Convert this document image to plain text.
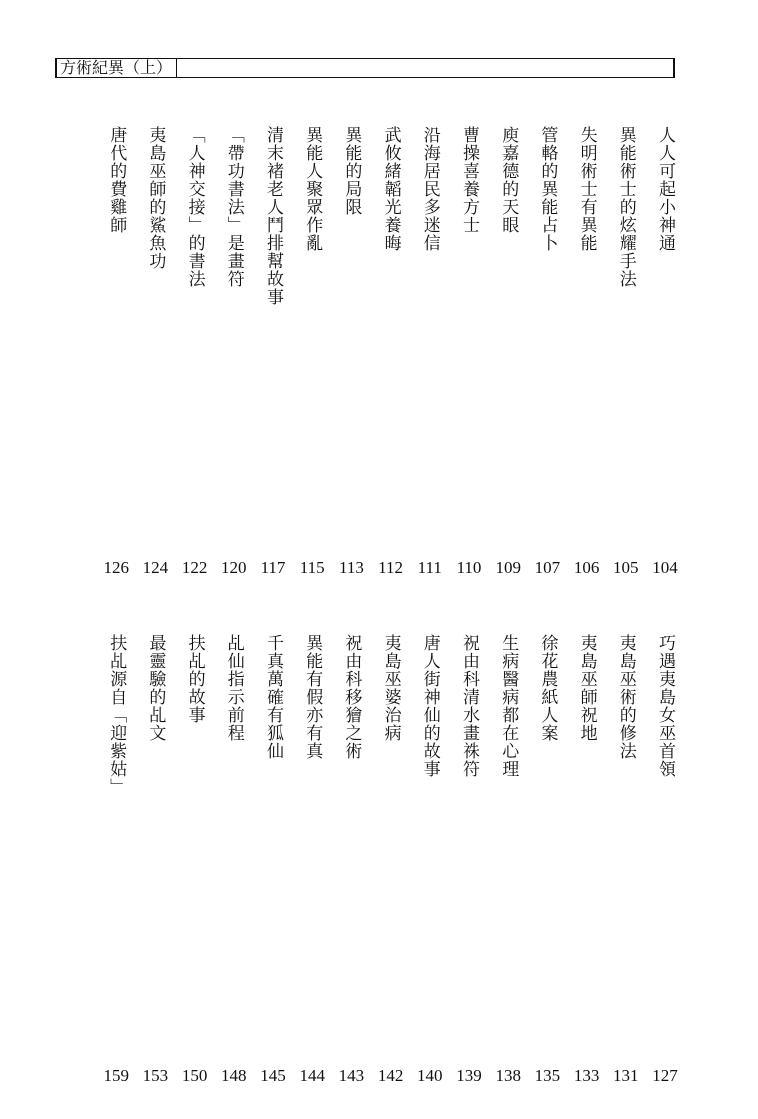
方術紀異（上）
人人可起小神通
104
異能術士的炫耀手法
105
失明術士有異能
106
管輅的異能占卜
107
庾嘉德的天眼
109
曹操喜養方士
110
沿海居民多迷信
111
武攸緒韜光養晦
112
異能的局限
113
異能人聚眾作亂
115
清末褚老人鬥排幫故事
117
「帶功書法」是畫符
120
「人神交接」的書法
122
夷島巫師的鯊魚功
124
唐代的費雞師
126
巧遇夷島女巫首領
127
夷島巫術的修法
131
夷島巫師祝地
133
徐花農紙人案
135
生病醫病都在心理
138
祝由科清水畫祩符
139
唐人街神仙的故事
140
夷島巫婆治病
142
祝由科移獪之術
143
異能有假亦有真
144
千真萬確有狐仙
145
乩仙指示前程
148
扶乩的故事
150
最靈驗的乩文
153
扶乩源自「迎紫姑」
159
